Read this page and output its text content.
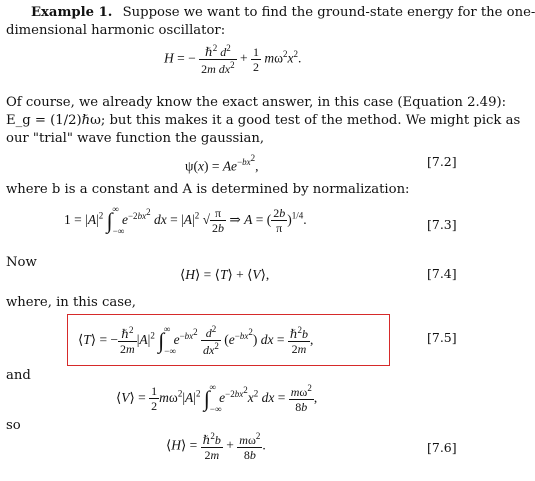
Example 1. Suppose we want to find the ground-state energy for the one-
dimensional harmonic oscillator:
H = − $\frac{\hbar^2 d^2}{2m dx^2} + \frac{1}{2} m\omega^2x^2$.
Of course, we already know the exact answer, in this case (Equation 2.49):
E_g = (1/2)ℏω; but this makes it a good test of the method. We might pick as
our "trial" wave function the gaussian,
$\psi(x) = Ae^{-bx^2}$,	[7.2]
where b is a constant and A is determined by normalization:
$1 = |A|^2$ $\int_{-\infty}^\infty$ $e^{-2bx^2}$ dx = $|A|^2$ √ $\frac{\pi}{2b}$ ⇒ A = ( $\frac{2b}{\pi} )^{1/4}$.	[7.3]
Now
⟨H⟩ = ⟨T⟩ + ⟨V⟩,	[7.4]
where, in this case,
⟨T⟩ = − $\frac{\hbar^2}{2m} |A|^2$ $\int_{-\infty}^\infty$ $e^{-bx^2} \frac{d^2}{dx^2} (e^{-bx^2})$ dx = $\frac{\hbar^2b}{2m}$ ,	[7.5]
and
⟨V⟩ = $\frac{1}{2} m\omega^2|A|^2$ $\int_{-\infty}^\infty$ $e^{-2bx^2}x^2$ dx = $\frac{m\omega^2}{8b}$ ,
so
⟨H⟩ = $\frac{\hbar^2b}{2m} + \frac{m\omega^2}{8b}$ .	[7.6]
